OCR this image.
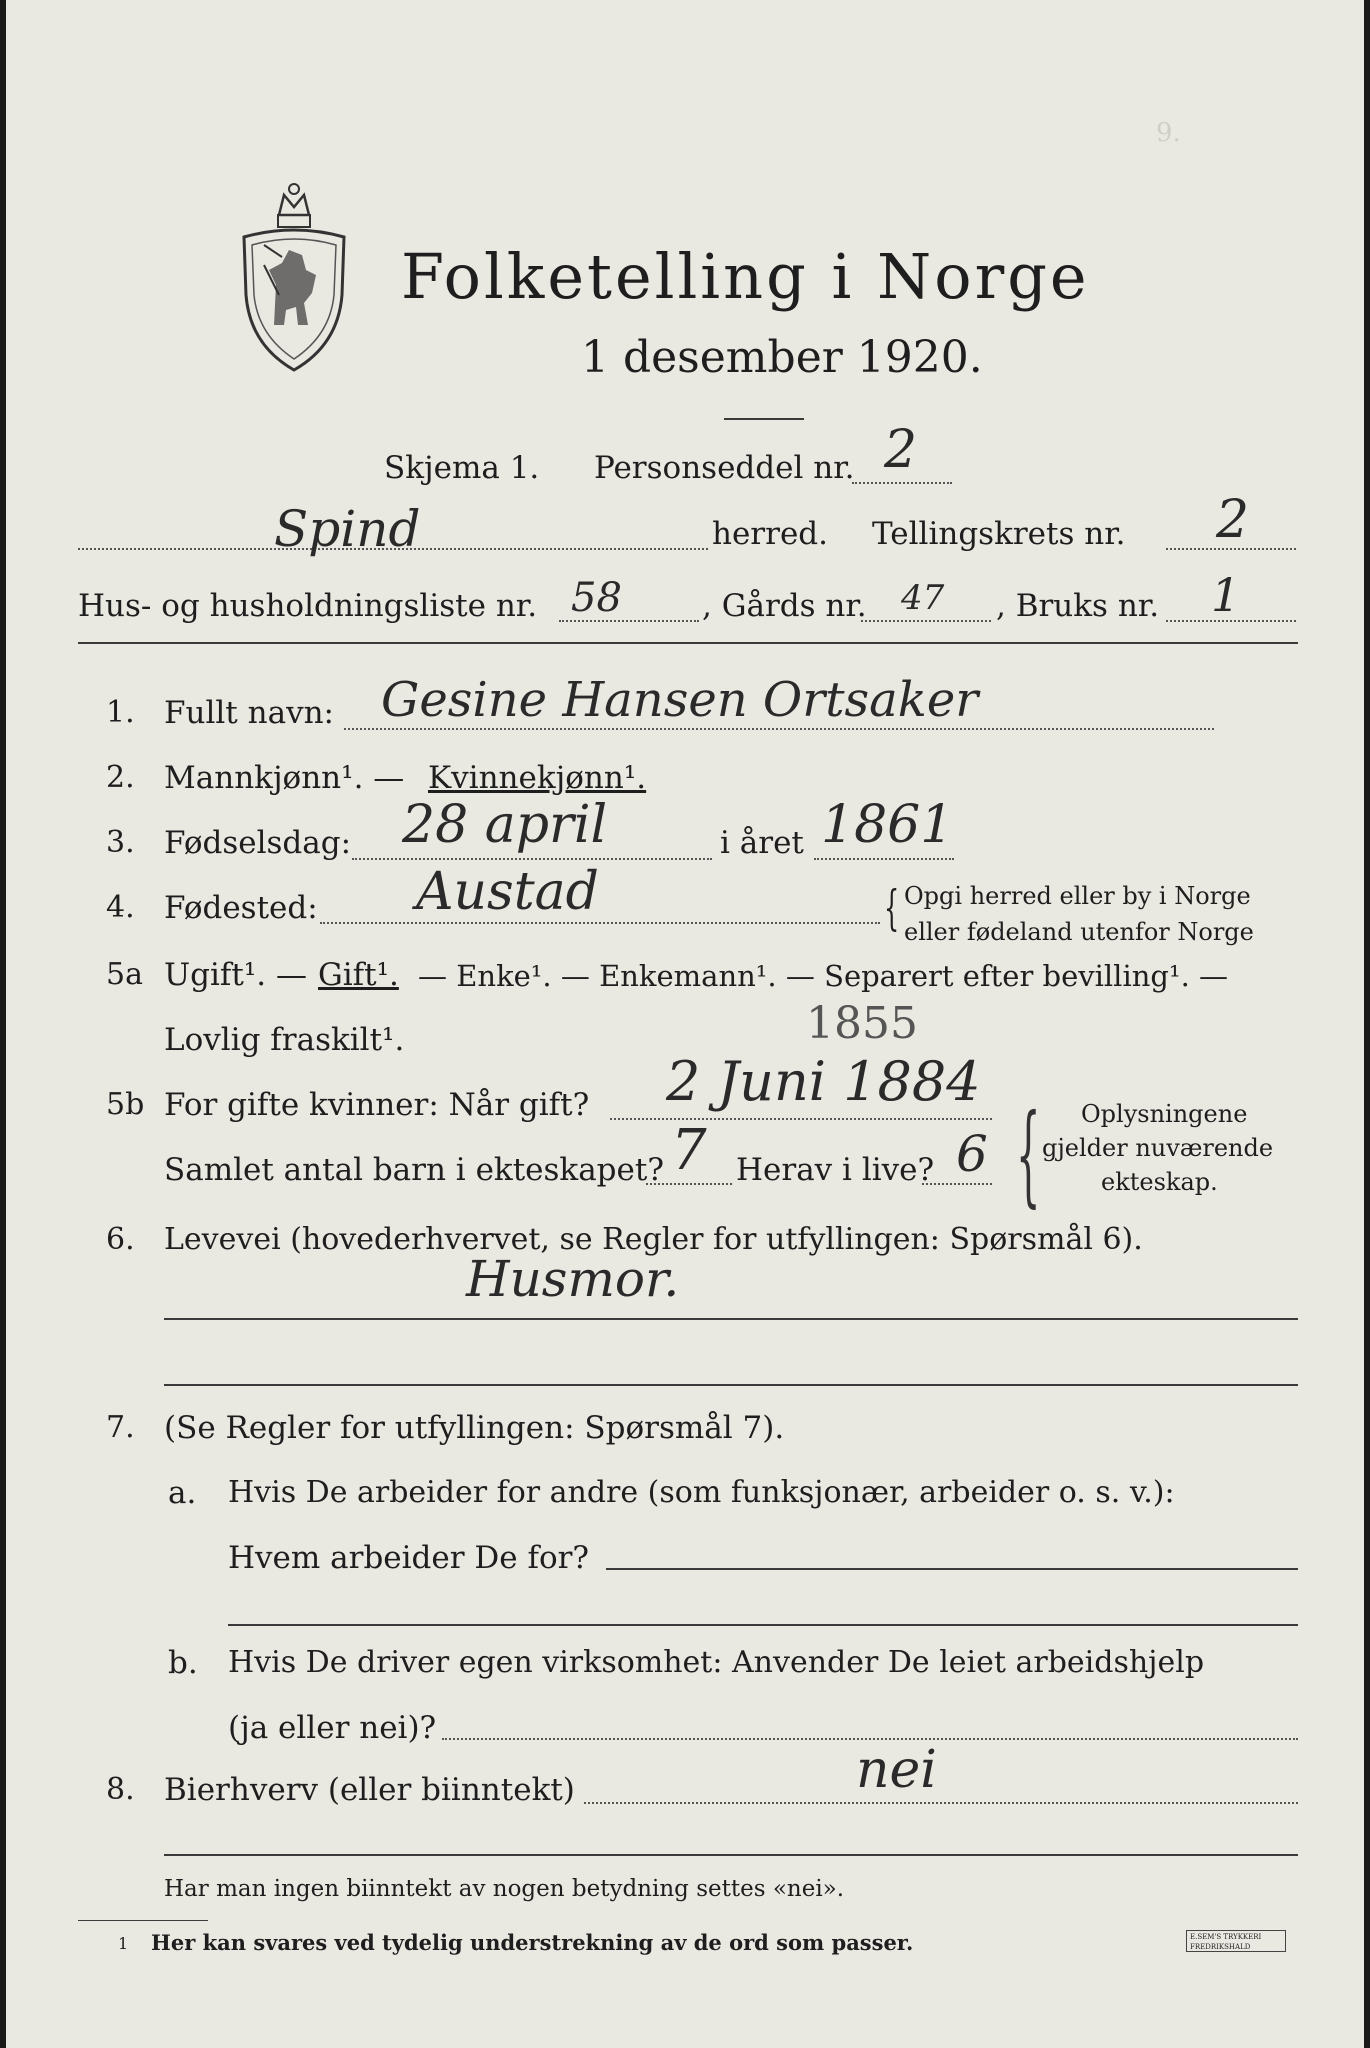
9.
Folketelling i Norge
1 desember 1920.
Skjema 1. Personseddel nr. 2
Spind	herred. Tellingskrets nr. 2
Hus- og husholdningsliste nr. 58	, Gårds nr. 47 , Bruks nr. 1
1. Fullt navn: Gesine Hansen Ortsaker
2. Mannkjønn¹. — Kvinnekjønn¹.
3. Fødselsdag: 28 april	i året 1861
4. Fødested: Austad	{ Opgi herred eller by i Norge
eller fødeland utenfor Norge
5a Ugift¹. — Gift¹. — Enke¹. — Enkemann¹. — Separert efter bevilling¹. —
Lovlig fraskilt¹.	1855
5b For gifte kvinner: Når gift? 2 Juni 1884
Samlet antal barn i ekteskapet? 7 Herav i live? 6 { Oplysningene
gjelder nuværende
ekteskap.
6. Levevei (hovederhvervet, se Regler for utfyllingen: Spørsmål 6).
Husmor.
7. (Se Regler for utfyllingen: Spørsmål 7).
a. Hvis De arbeider for andre (som funksjonær, arbeider o. s. v.):
Hvem arbeider De for?
b. Hvis De driver egen virksomhet: Anvender De leiet arbeidshjelp
(ja eller nei)?
8. Bierhverv (eller biinntekt)	nei
Har man ingen biinntekt av nogen betydning settes «nei».
1 Her kan svares ved tydelig understrekning av de ord som passer.	E.SEM'S TRYKKERI FREDRIKSHALD
